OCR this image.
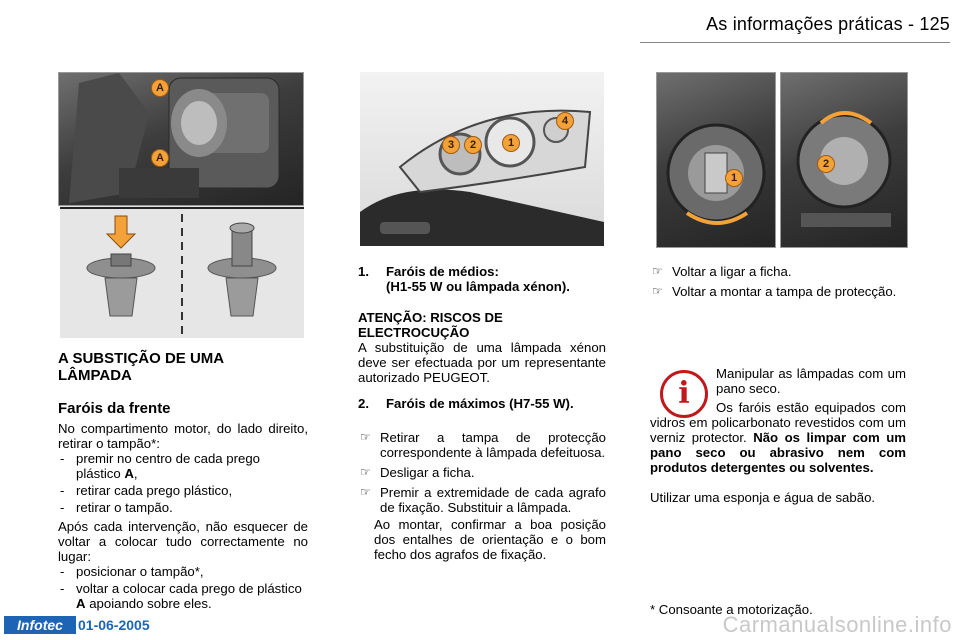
As informações práticas - 125
A
A
A SUBSTIÇÃO DE UMA LÂMPADA
Faróis da frente
No compartimento motor, do lado direito, retirar o tampão*:
- premir no centro de cada prego plástico A,
- retirar cada prego plástico,
- retirar o tampão.
Após cada intervenção, não esquecer de voltar a colocar tudo correctamente no lugar:
- posicionar o tampão*,
- voltar a colocar cada prego de plástico A apoiando sobre eles.
3	2	1
4
1. Faróis de médios:
(H1-55 W ou lâmpada xénon).
ATENÇÃO: RISCOS DE ELECTROCUÇÃO
A substituição de uma lâmpada xénon deve ser efectuada por um representante autorizado PEUGEOT.
2. Faróis de máximos (H7-55 W).
☞ Retirar a tampa de protecção correspondente à lâmpada defeituosa.
☞ Desligar a ficha.
☞ Premir a extremidade de cada agrafo de fixação. Substituir a lâmpada.
Ao montar, confirmar a boa posição dos entalhes de orientação e o bom fecho dos agrafos de fixação.
1
2
☞ Voltar a ligar a ficha.
☞ Voltar a montar a tampa de protecção.
i
Manipular as lâmpadas com um pano seco.
Os faróis estão equipados com vidros em policarbonato revestidos com um verniz protector. Não os limpar com um pano seco ou abrasivo nem com produtos detergentes ou solventes.
Utilizar uma esponja e água de sabão.
* Consoante a motorização.
Infotec	01-06-2005	Carmanualsonline.info
